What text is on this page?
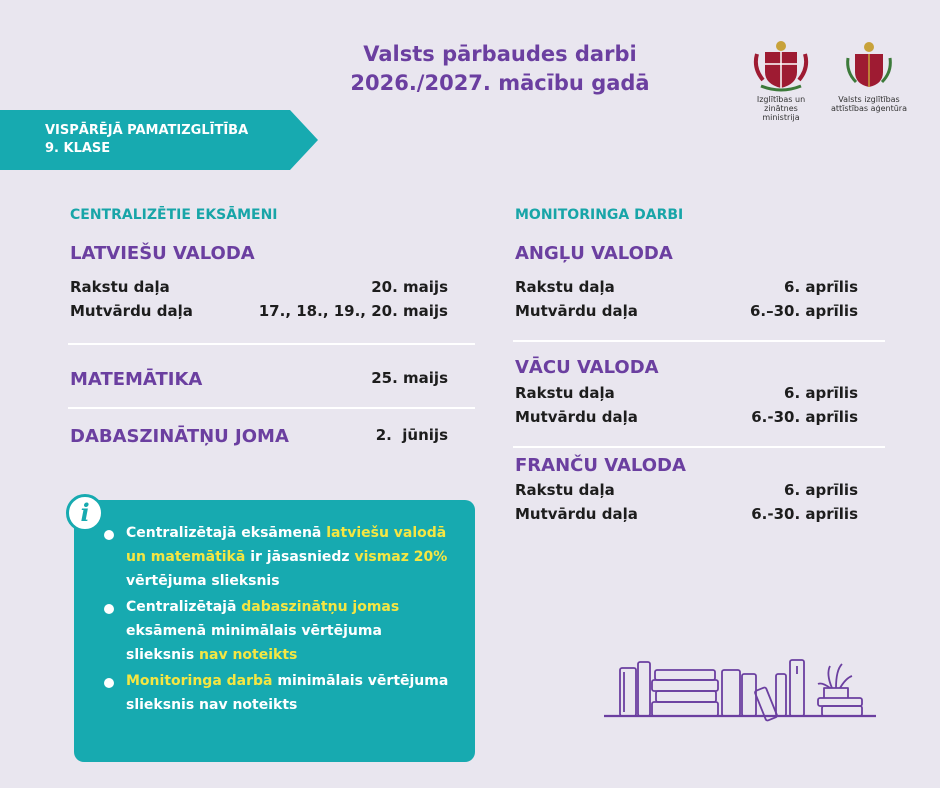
Valsts pārbaudes darbi
2026./2027. mācību gadā
Izglītības un zinātnes
ministrija
Valsts izglītības
attīstības aģentūra
VISPĀRĒJĀ PAMATIZGLĪTĪBA
9. KLASE
CENTRALIZĒTIE EKSĀMENI
LATVIEŠU VALODA
Rakstu daļa	20. maijs
Mutvārdu daļa	17., 18., 19., 20. maijs
MATEMĀTIKA	25. maijs
DABASZINĀTŅU JOMA	2.  jūnijs
MONITORINGA DARBI
ANGĻU VALODA
Rakstu daļa	6. aprīlis
Mutvārdu daļa	6.–30. aprīlis
VĀCU VALODA
Rakstu daļa	6. aprīlis
Mutvārdu daļa	6.-30. aprīlis
FRANČU VALODA
Rakstu daļa	6. aprīlis
Mutvārdu daļa	6.-30. aprīlis
i
Centralizētajā eksāmenā latviešu valodā un matemātikā ir jāsasniedz vismaz 20% vērtējuma slieksnis
Centralizētajā dabaszinātņu jomas eksāmenā minimālais vērtējuma slieksnis nav noteikts
Monitoringa darbā minimālais vērtējuma slieksnis nav noteikts
